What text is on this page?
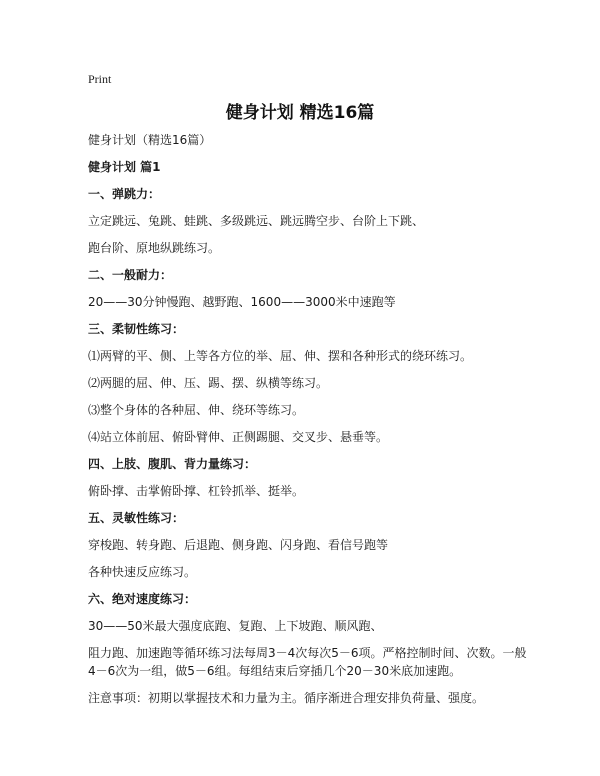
Print
健身计划 精选16篇

健身计划（精选16篇）

健身计划 篇1

一、弹跳力：

立定跳远、兔跳、蛙跳、多级跳远、跳远腾空步、台阶上下跳、

跑台阶、原地纵跳练习。

二、一般耐力：

20——30分钟慢跑、越野跑、1600——3000米中速跑等

三、柔韧性练习：

⑴两臂的平、侧、上等各方位的举、屈、伸、摆和各种形式的绕环练习。

⑵两腿的屈、伸、压、踢、摆、纵横等练习。

⑶整个身体的各种屈、伸、绕环等练习。

⑷站立体前屈、俯卧臂伸、正侧踢腿、交叉步、悬垂等。

四、上肢、腹肌、背力量练习：

俯卧撑、击掌俯卧撑、杠铃抓举、挺举。

五、灵敏性练习：

穿梭跑、转身跑、后退跑、侧身跑、闪身跑、看信号跑等

各种快速反应练习。

六、绝对速度练习：

30——50米最大强度底跑、复跑、上下坡跑、顺风跑、

阻力跑、加速跑等循环练习法每周3－4次每次5－6项。严格控制时间、次数。一般4－6次为一组，做5－6组。每组结束后穿插几个20－30米底加速跑。

注意事项：初期以掌握技术和力量为主。循序渐进合理安排负荷量、强度。
